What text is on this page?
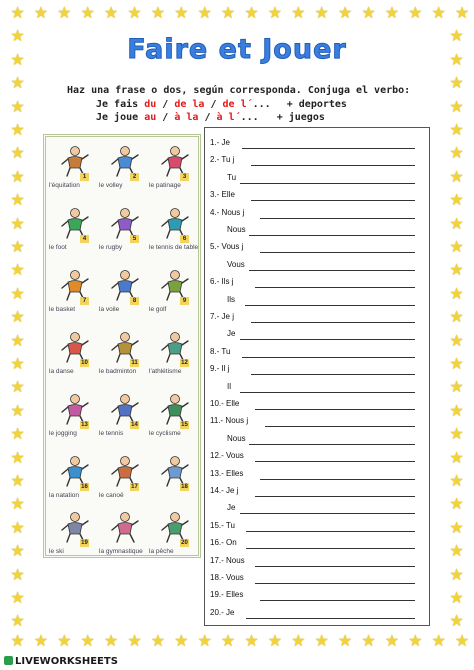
★
★
★
★
★
★
★
★
★
★
★
★
★
★
★
★
★
★
★
★
★
★
★
★
★
★
★
★
★
★
★
★
★
★
★
★
★
★
★
★
★	★
★	★
★	★
★	★
★	★
★	★
★	★
★	★
★	★
★	★
★	★
★	★
★	★
★	★
★	★
★	★
★	★
★	★
★	★
★	★
★	★
★	★
★	★
★	★
★	★
★	★
Faire et Jouer
Haz una frase o dos, según corresponda. Conjuga el verbo:
Je fais du / de la / de l´... + deportes
Je joue au / à la / à l´... + juegos
1
l'équitation
2
le volley
3
le patinage
4
le foot
5
le rugby
6
le tennis de table
7
le basket
8
la voile
9
le golf
10
la danse
11
le badminton
12
l'athlétisme
13
le jogging
14
le tennis
15
le cyclisme
16
la natation
17
le canoë
18
19
le ski	la gymnastique
20
la pêche
1.- Je
2.- Tu j
Tu
3.- Elle
4.- Nous j
Nous
5.- Vous j
Vous
6.- Ils j
Ils
7.- Je j
Je
8.- Tu
9.- Il j
Il
10.- Elle
11.- Nous j
Nous
12.- Vous
13.- Elles
14.- Je j
Je
15.- Tu
16.- On
17.- Nous
18.- Vous
19.- Elles
20.- Je
LIVEWORKSHEETS
